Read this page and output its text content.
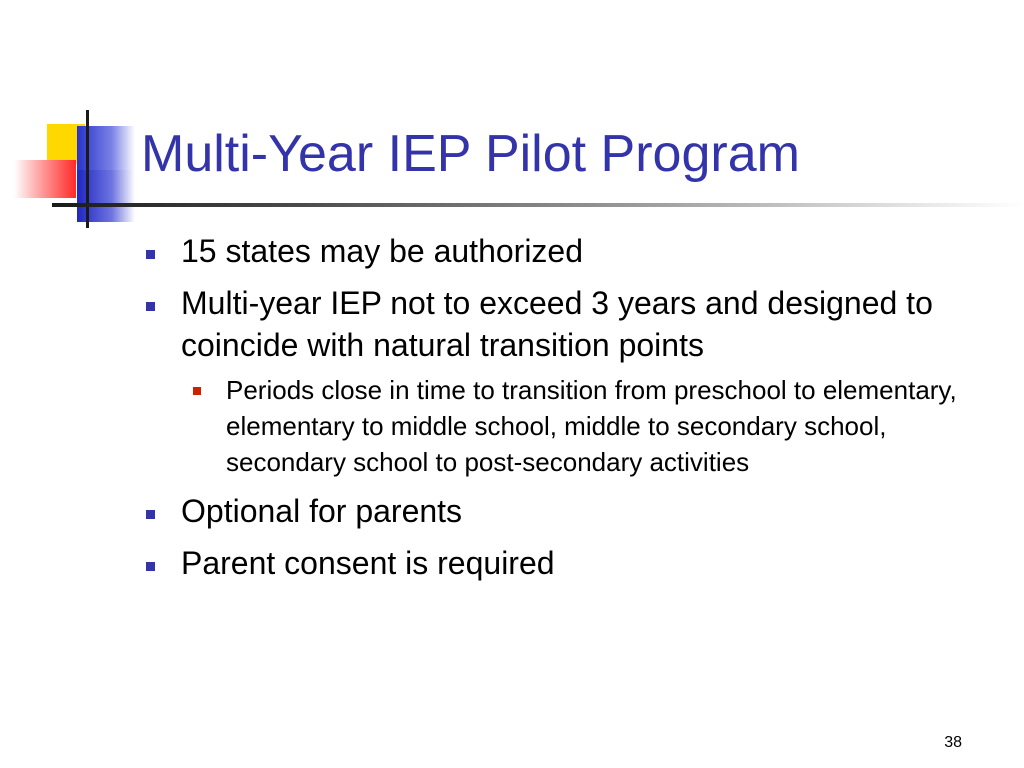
Multi-Year IEP Pilot Program
15 states may be authorized
Multi-year IEP not to exceed 3 years and designed to coincide with natural transition points
Periods close in time to transition from preschool to elementary, elementary to middle school, middle to secondary school, secondary school to post-secondary activities
Optional for parents
Parent consent is required
38
